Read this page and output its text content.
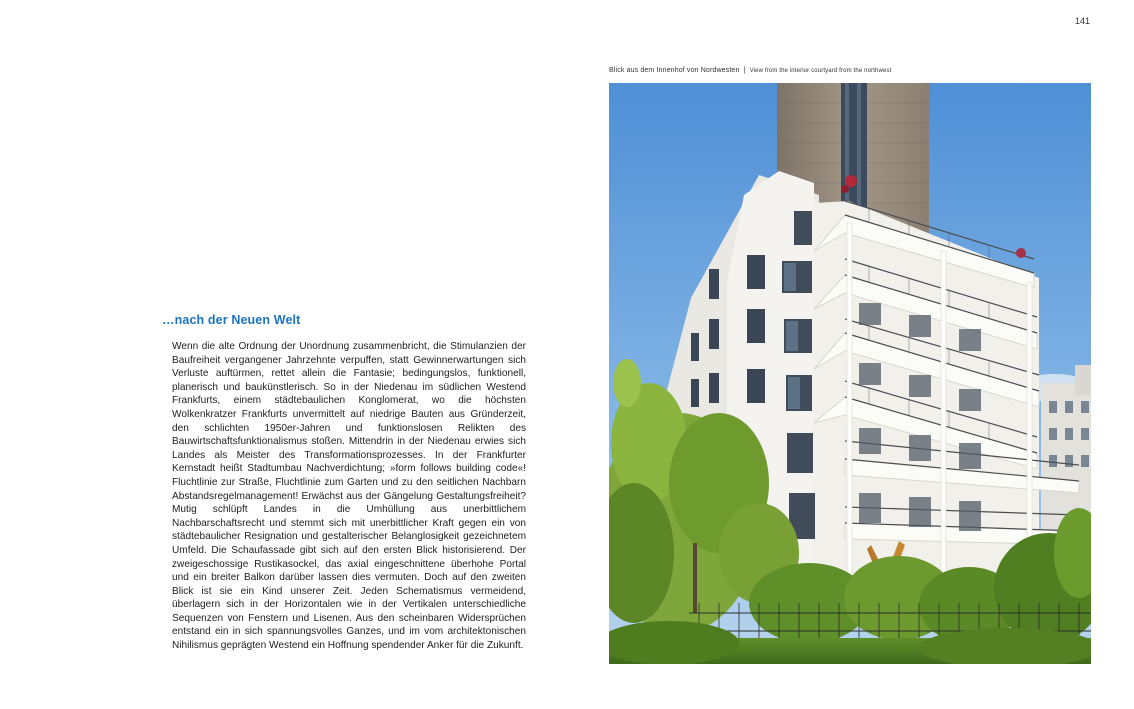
141
Blick aus dem Innenhof von Nordwesten | View from the interior courtyard from the northwest
…nach der Neuen Welt

Wenn die alte Ordnung der Unordnung zusammenbricht, die Stimulanzien der Baufreiheit vergangener Jahrzehnte verpuffen, statt Gewinnerwartungen sich Verluste auftürmen, rettet allein die Fantasie; bedingungslos, funktionell, planerisch und baukünstlerisch. So in der Niedenau im südlichen Westend Frankfurts, einem städtebaulichen Konglomerat, wo die höchsten Wolkenkratzer Frankfurts unvermittelt auf niedrige Bauten aus Gründerzeit, den schlichten 1950er-Jahren und funktionslosen Relikten des Bauwirtschaftsfunktionalismus stoßen. Mittendrin in der Niedenau erwies sich Landes als Meister des Transformationsprozesses. In der Frankfurter Kernstadt heißt Stadtumbau Nachverdichtung; »form follows building code«! Fluchtlinie zur Straße, Fluchtlinie zum Garten und zu den seitlichen Nachbarn Abstandsregelmanagement! Erwächst aus der Gängelung Gestaltungsfreiheit? Mutig schlüpft Landes in die Umhüllung aus unerbittlichem Nachbarschaftsrecht und stemmt sich mit unerbittlicher Kraft gegen ein von städtebaulicher Resignation und gestalterischer Belanglosigkeit gezeichnetem Umfeld. Die Schaufassade gibt sich auf den ersten Blick historisierend. Der zweigeschossige Rustikasockel, das axial eingeschnittene überhohe Portal und ein breiter Balkon darüber lassen dies vermuten. Doch auf den zweiten Blick ist sie ein Kind unserer Zeit. Jeden Schematismus vermeidend, überlagern sich in der Horizontalen wie in der Vertikalen unterschiedliche Sequenzen von Fenstern und Lisenen. Aus den scheinbaren Widersprüchen entstand ein in sich spannungsvolles Ganzes, und im vom architektonischen Nihilismus geprägten Westend ein Hoffnung spendender Anker für die Zukunft.
